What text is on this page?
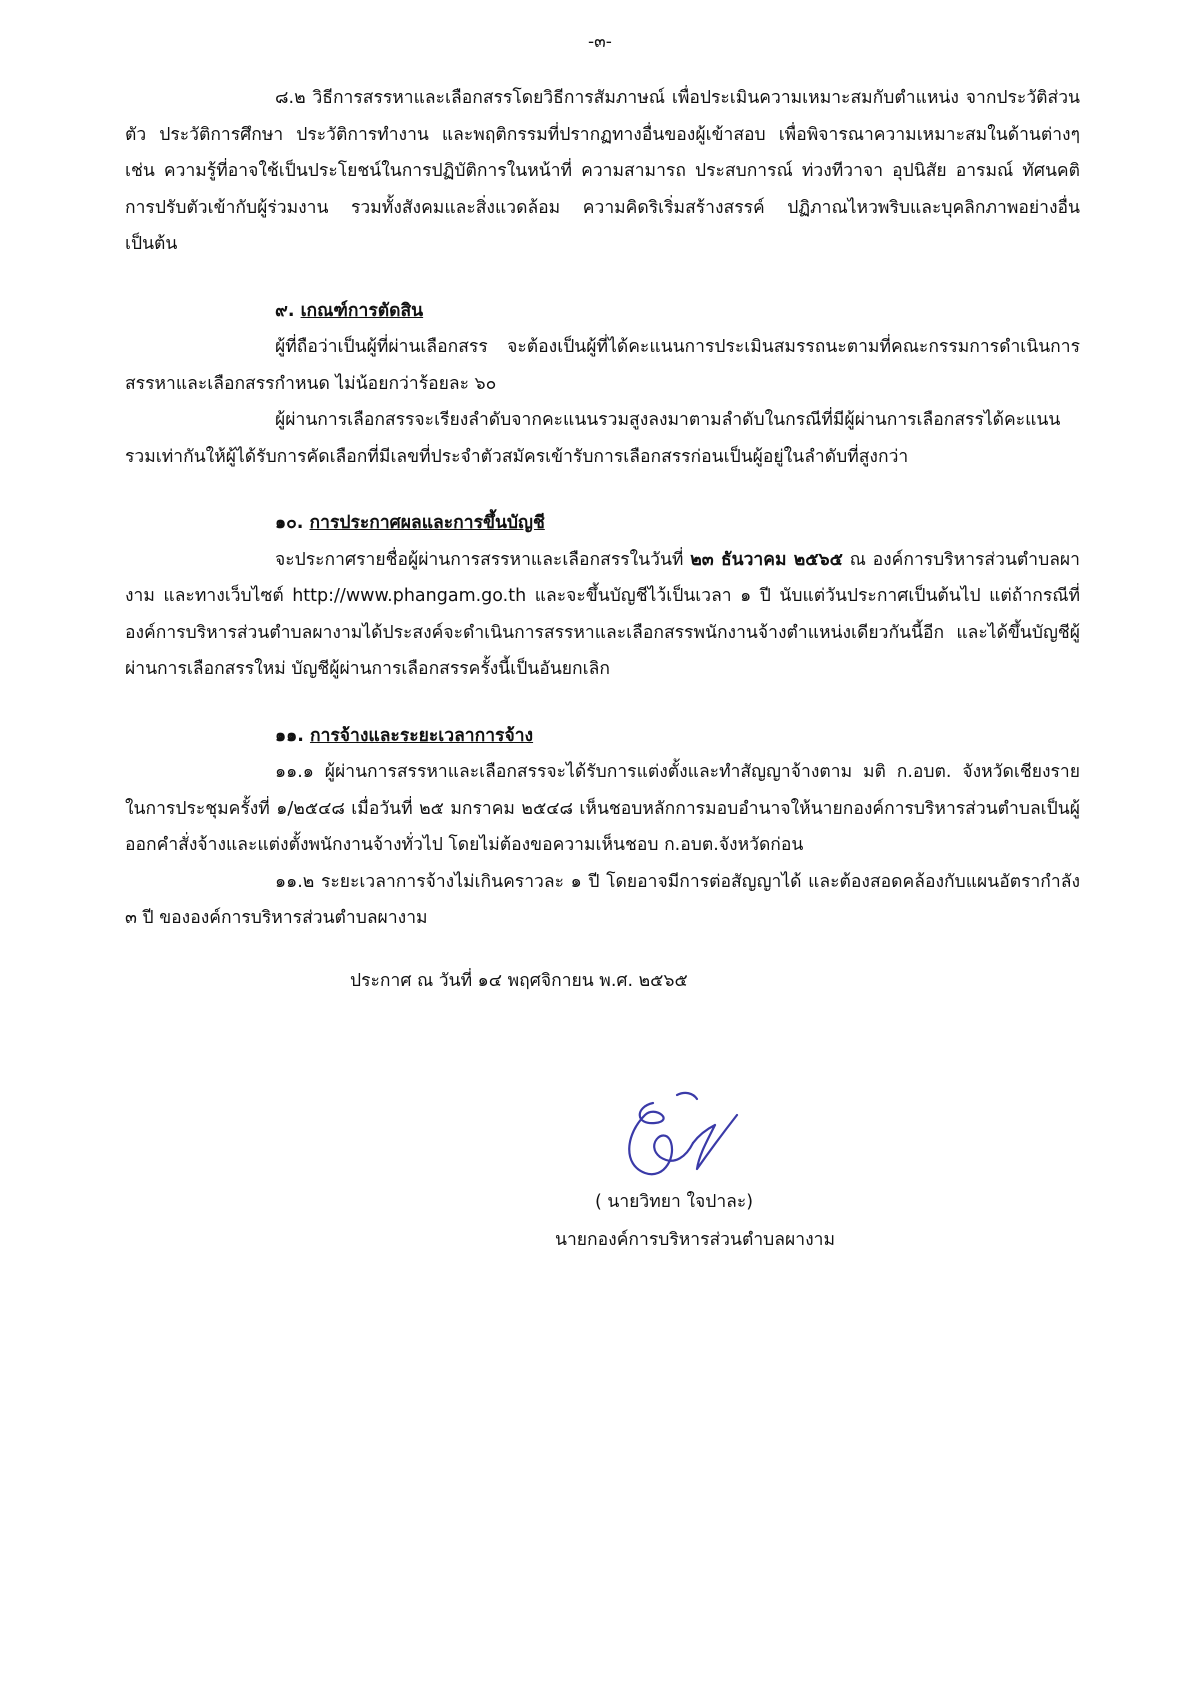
-๓-

๘.๒ วิธีการสรรหาและเลือกสรรโดยวิธีการสัมภาษณ์ เพื่อประเมินความเหมาะสมกับตำแหน่ง จากประวัติส่วนตัว ประวัติการศึกษา ประวัติการทำงาน และพฤติกรรมที่ปรากฏทางอื่นของผู้เข้าสอบ เพื่อพิจารณาความเหมาะสมในด้านต่างๆ เช่น ความรู้ที่อาจใช้เป็นประโยชน์ในการปฏิบัติการในหน้าที่ ความสามารถ ประสบการณ์ ท่วงทีวาจา อุปนิสัย อารมณ์ ทัศนคติ การปรับตัวเข้ากับผู้ร่วมงาน รวมทั้งสังคมและสิ่งแวดล้อม ความคิดริเริ่มสร้างสรรค์ ปฏิภาณไหวพริบและบุคลิกภาพอย่างอื่น เป็นต้น

๙. เกณฑ์การตัดสิน

ผู้ที่ถือว่าเป็นผู้ที่ผ่านเลือกสรร จะต้องเป็นผู้ที่ได้คะแนนการประเมินสมรรถนะตามที่คณะกรรมการดำเนินการสรรหาและเลือกสรรกำหนด ไม่น้อยกว่าร้อยละ ๖๐

ผู้ผ่านการเลือกสรรจะเรียงลำดับจากคะแนนรวมสูงลงมาตามลำดับในกรณีที่มีผู้ผ่านการเลือกสรรได้คะแนนรวมเท่ากันให้ผู้ได้รับการคัดเลือกที่มีเลขที่ประจำตัวสมัครเข้ารับการเลือกสรรก่อนเป็นผู้อยู่ในลำดับที่สูงกว่า

๑๐. การประกาศผลและการขึ้นบัญชี

จะประกาศรายชื่อผู้ผ่านการสรรหาและเลือกสรรในวันที่ ๒๓ ธันวาคม ๒๕๖๕ ณ องค์การบริหารส่วนตำบลผางาม และทางเว็บไซต์ http://www.phangam.go.th และจะขึ้นบัญชีไว้เป็นเวลา ๑ ปี นับแต่วันประกาศเป็นต้นไป แต่ถ้ากรณีที่องค์การบริหารส่วนตำบลผางามได้ประสงค์จะดำเนินการสรรหาและเลือกสรรพนักงานจ้างตำแหน่งเดียวกันนี้อีก และได้ขึ้นบัญชีผู้ผ่านการเลือกสรรใหม่ บัญชีผู้ผ่านการเลือกสรรครั้งนี้เป็นอันยกเลิก

๑๑. การจ้างและระยะเวลาการจ้าง

๑๑.๑ ผู้ผ่านการสรรหาและเลือกสรรจะได้รับการแต่งตั้งและทำสัญญาจ้างตาม มติ ก.อบต. จังหวัดเชียงราย ในการประชุมครั้งที่ ๑/๒๕๔๘ เมื่อวันที่ ๒๕ มกราคม ๒๕๔๘ เห็นชอบหลักการมอบอำนาจให้นายกองค์การบริหารส่วนตำบลเป็นผู้ออกคำสั่งจ้างและแต่งตั้งพนักงานจ้างทั่วไป โดยไม่ต้องขอความเห็นชอบ ก.อบต.จังหวัดก่อน

๑๑.๒ ระยะเวลาการจ้างไม่เกินคราวละ ๑ ปี โดยอาจมีการต่อสัญญาได้ และต้องสอดคล้องกับแผนอัตรากำลัง ๓ ปี ขององค์การบริหารส่วนตำบลผางาม

ประกาศ ณ วันที่ ๑๔ พฤศจิกายน พ.ศ. ๒๕๖๕

( นายวิทยา ใจปาละ)
นายกองค์การบริหารส่วนตำบลผางาม
